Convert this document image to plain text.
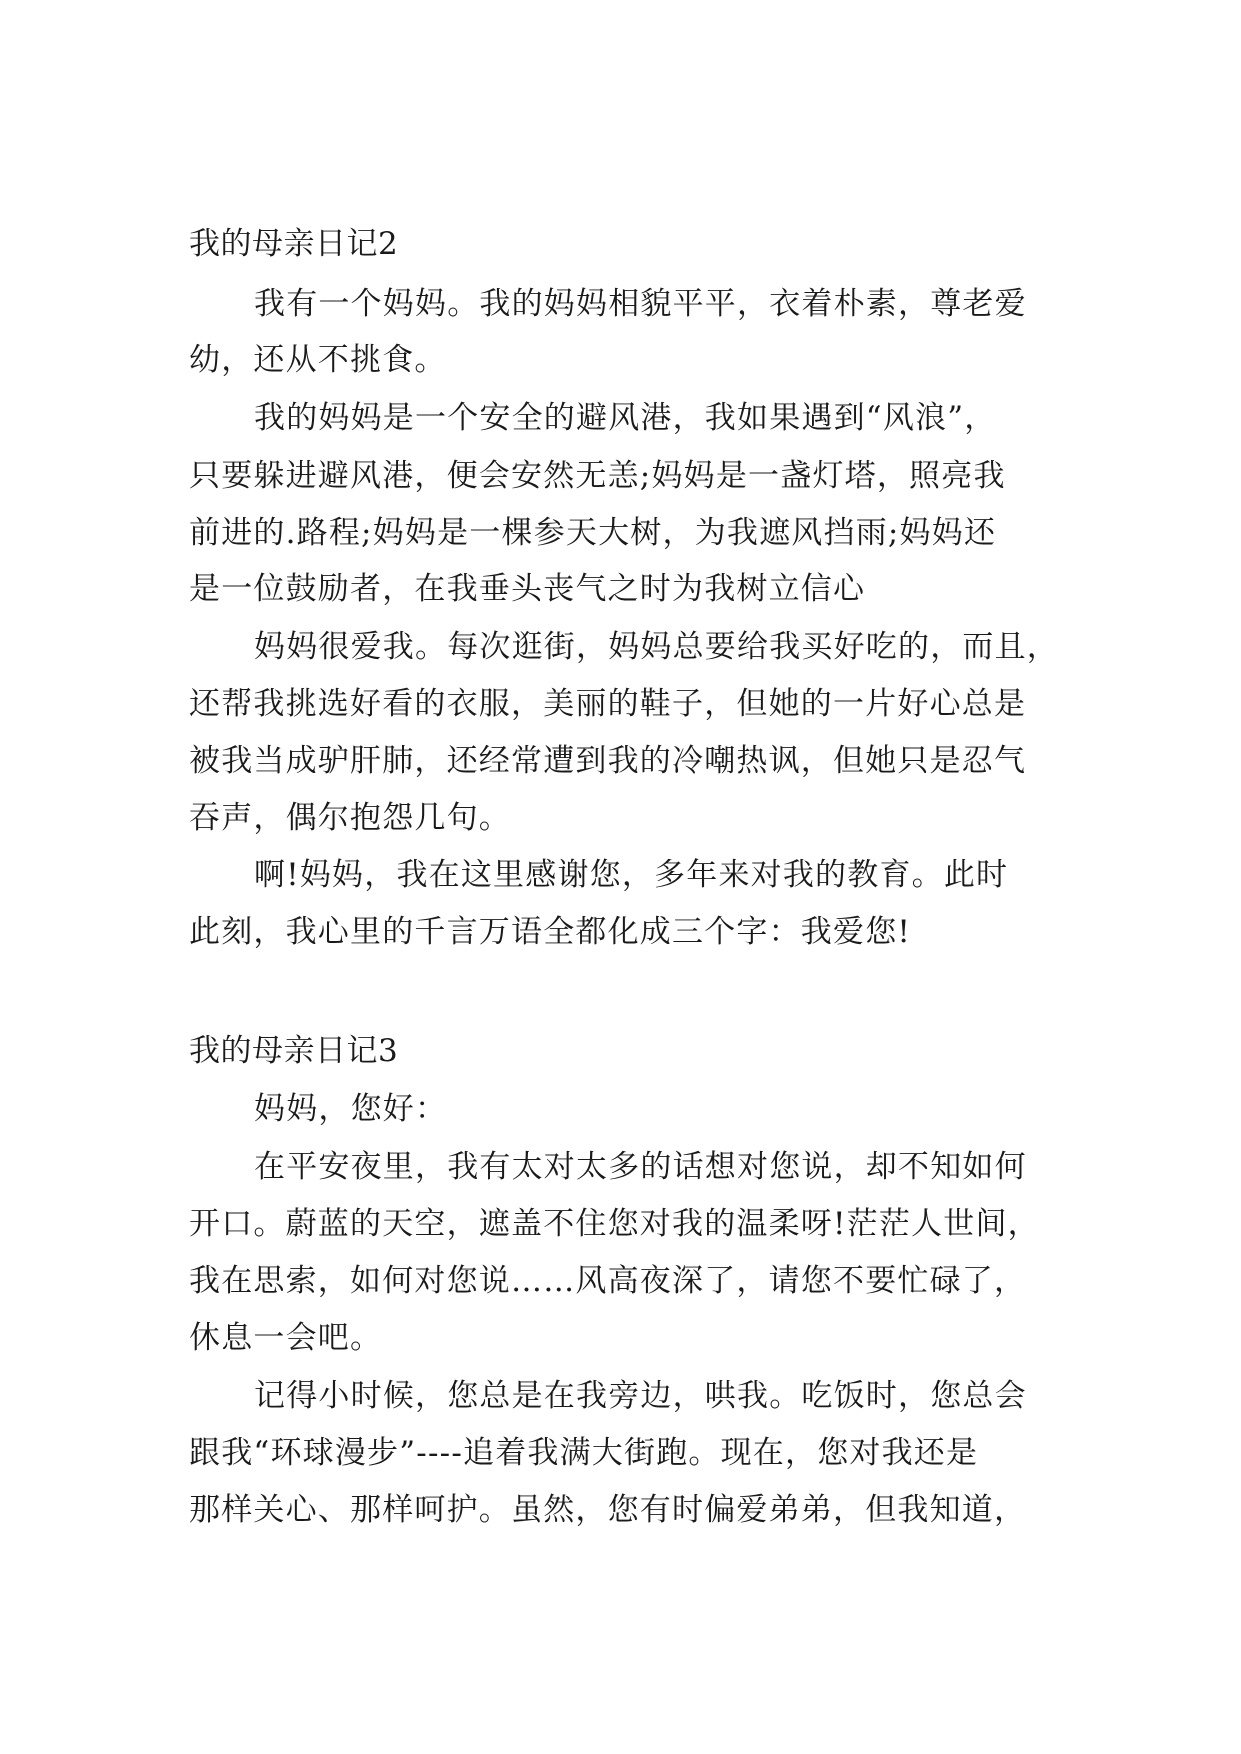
我的母亲日记2
我有一个妈妈。我的妈妈相貌平平，衣着朴素，尊老爱
幼，还从不挑食。
我的妈妈是一个安全的避风港，我如果遇到“风浪”，
只要躲进避风港，便会安然无恙;妈妈是一盏灯塔，照亮我
前进的.路程;妈妈是一棵参天大树，为我遮风挡雨;妈妈还
是一位鼓励者，在我垂头丧气之时为我树立信心
妈妈很爱我。每次逛街，妈妈总要给我买好吃的，而且，
还帮我挑选好看的衣服，美丽的鞋子，但她的一片好心总是
被我当成驴肝肺，还经常遭到我的冷嘲热讽，但她只是忍气
吞声，偶尔抱怨几句。
啊!妈妈，我在这里感谢您，多年来对我的教育。此时
此刻，我心里的千言万语全都化成三个字：我爱您!
我的母亲日记3
妈妈，您好：
在平安夜里，我有太对太多的话想对您说，却不知如何
开口。蔚蓝的天空，遮盖不住您对我的温柔呀!茫茫人世间，
我在思索，如何对您说……风高夜深了，请您不要忙碌了，
休息一会吧。
记得小时候，您总是在我旁边，哄我。吃饭时，您总会
跟我“环球漫步”----追着我满大街跑。现在，您对我还是
那样关心、那样呵护。虽然，您有时偏爱弟弟，但我知道，
